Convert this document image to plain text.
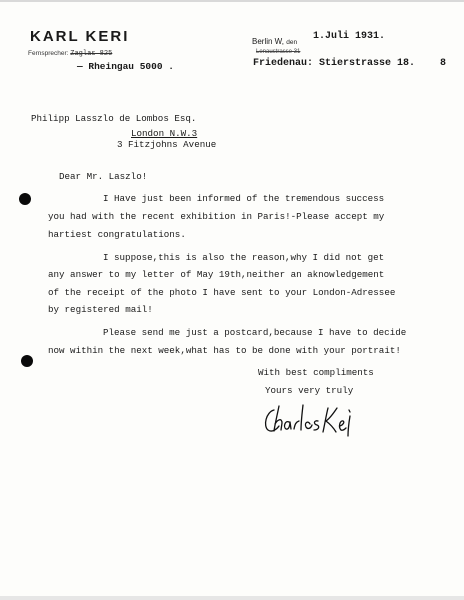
KARL KERI
Fernsprecher: Zaglas 825
— Rheingau 5000 .
Berlin W, den
1.Juli 1931.
Lenaustrasse 31
Friedenau: Stierstrasse 18. 8
Philipp Lasszlo de Lombos Esq.
London N.W.3
3 Fitzjohns Avenue
Dear Mr. Laszlo!
I Have just been informed of the tremendous success
you had with the recent exhibition in Paris!-Please accept my
hartiest congratulations.
I suppose,this is also the reason,why I did not get
any answer to my letter of May 19th,neither an aknowledgement
of the receipt of the photo I have sent to your London-Adressee
by registered mail!
Please send me just a postcard,because I have to decide
now within the next week,what has to be done with your portrait!
With best compliments
Yours very truly
